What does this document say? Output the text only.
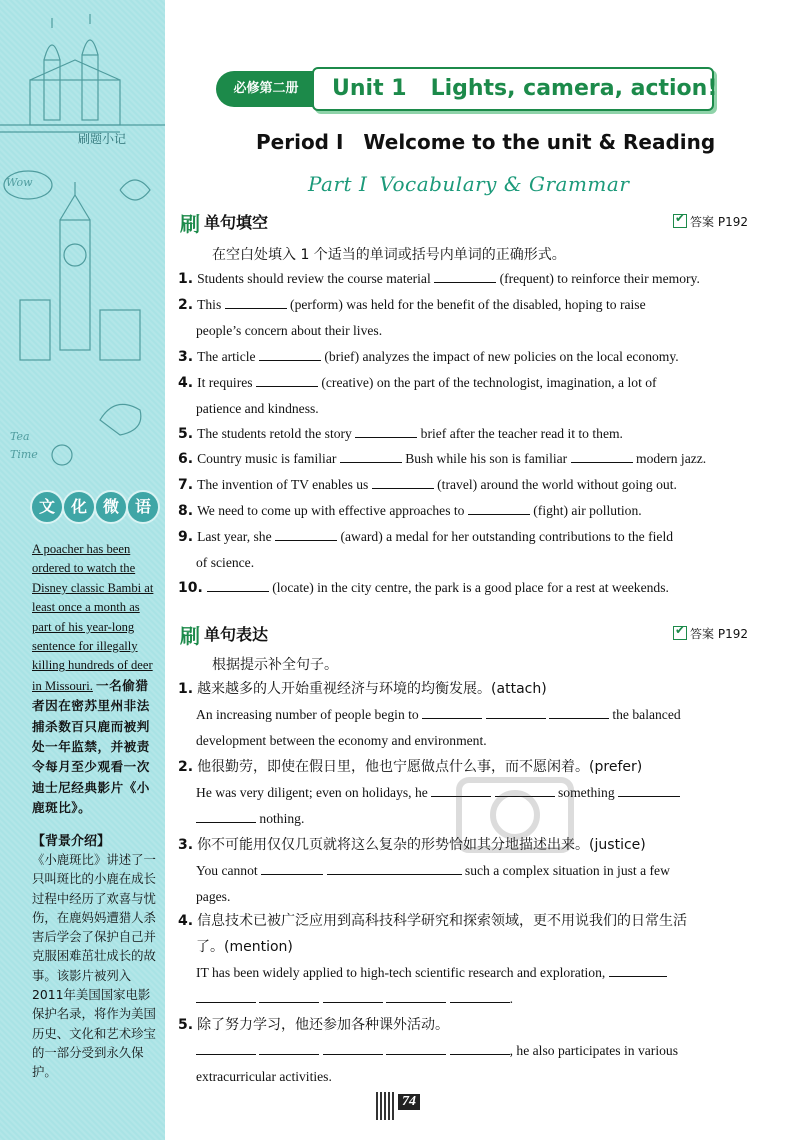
Wow
Tea
Time
刷题小记
文 化 微 语
A poacher has been ordered to watch the Disney classic Bambi at least once a month as part of his year-long sentence for illegally killing hundreds of deer in Missouri. 一名偷猎者因在密苏里州非法捕杀数百只鹿而被判处一年监禁，并被责令每月至少观看一次迪士尼经典影片《小鹿斑比》。
【背景介绍】
《小鹿斑比》讲述了一只叫斑比的小鹿在成长过程中经历了欢喜与忧伤，在鹿妈妈遭猎人杀害后学会了保护自己并克服困难茁壮成长的故事。该影片被列入2011年美国国家电影保护名录，将作为美国历史、文化和艺术珍宝的一部分受到永久保护。
必修第二册	Unit 1 Lights, camera, action!
Period I Welcome to the unit & Reading
Part I Vocabulary & Grammar
刷 单句填空	✔ 答案 P192
在空白处填入 1 个适当的单词或括号内单词的正确形式。
1. Students should review the course material	(frequent) to reinforce their memory.
2. This	(perform) was held for the benefit of the disabled, hoping to raise
people’s concern about their lives.
3. The article	(brief) analyzes the impact of new policies on the local economy.
4. It requires	(creative) on the part of the technologist, imagination, a lot of
patience and kindness.
5. The students retold the story	brief after the teacher read it to them.
6. Country music is familiar	Bush while his son is familiar	modern jazz.
7. The invention of TV enables us	(travel) around the world without going out.
8. We need to come up with effective approaches to	(fight) air pollution.
9. Last year, she	(award) a medal for her outstanding contributions to the field
of science.
10.	(locate) in the city centre, the park is a good place for a rest at weekends.
刷 单句表达	✔ 答案 P192
根据提示补全句子。
1. 越来越多的人开始重视经济与环境的均衡发展。(attach)
An increasing number of people begin to	the balanced
development between the economy and environment.
2. 他很勤劳，即使在假日里，他也宁愿做点什么事，而不愿闲着。(prefer)
He was very diligent; even on holidays, he	something
nothing.
3. 你不可能用仅仅几页就将这么复杂的形势恰如其分地描述出来。(justice)
You cannot	such a complex situation in just a few
pages.
4. 信息技术已被广泛应用到高科技科学研究和探索领域，更不用说我们的日常生活
了。(mention)
IT has been widely applied to high-tech scientific research and exploration,
.
5. 除了努力学习，他还参加各种课外活动。
, he also participates in various
extracurricular activities.
74
